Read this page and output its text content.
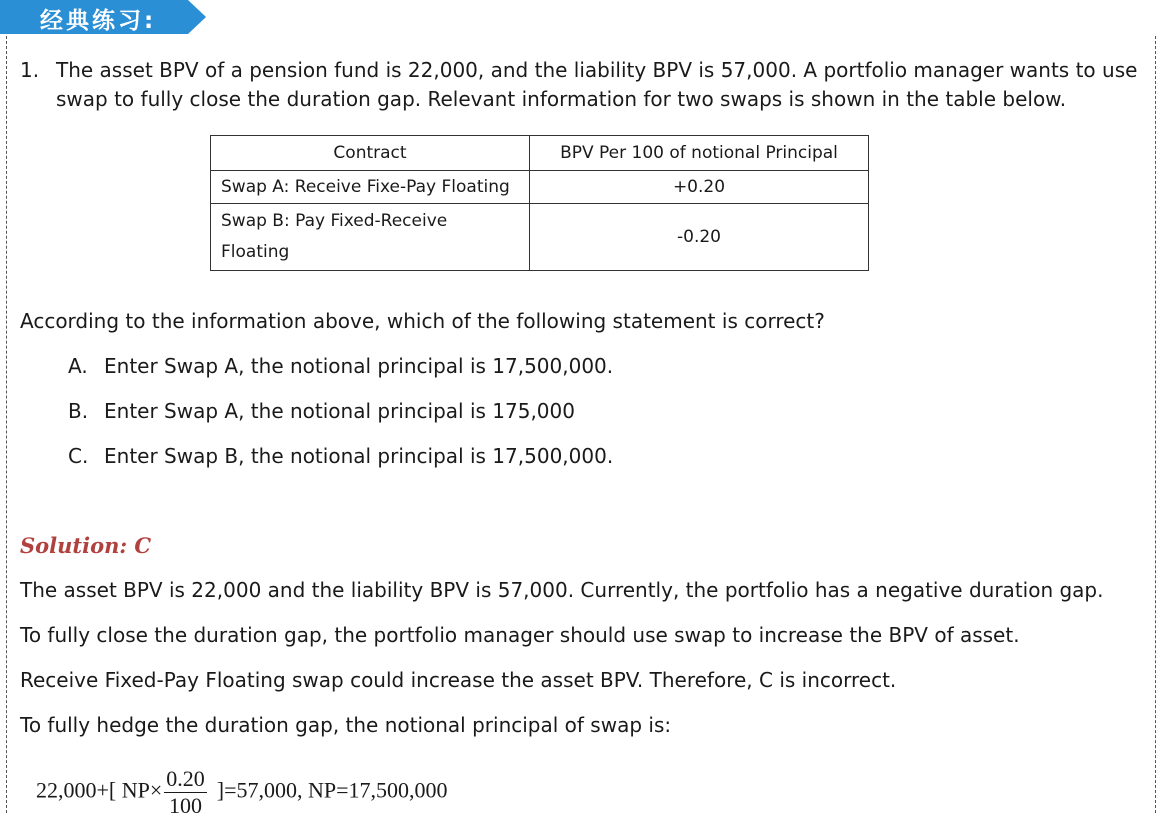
经典练习:
1. The asset BPV of a pension fund is 22,000, and the liability BPV is 57,000. A portfolio manager wants to use swap to fully close the duration gap. Relevant information for two swaps is shown in the table below.
Contract	BPV Per 100 of notional Principal
Swap A: Receive Fixe-Pay Floating	+0.20
Swap B: Pay Fixed-Receive
Floating	-0.20
According to the information above, which of the following statement is correct?
A. Enter Swap A, the notional principal is 17,500,000.
B. Enter Swap A, the notional principal is 175,000
C. Enter Swap B, the notional principal is 17,500,000.
Solution: C
The asset BPV is 22,000 and the liability BPV is 57,000. Currently, the portfolio has a negative duration gap.
To fully close the duration gap, the portfolio manager should use swap to increase the BPV of asset.
Receive Fixed-Pay Floating swap could increase the asset BPV. Therefore, C is incorrect.
To fully hedge the duration gap, the notional principal of swap is:
22,000+[ $NP\times \frac{0.20}{100} ]=57,000$, NP=17,500,000
